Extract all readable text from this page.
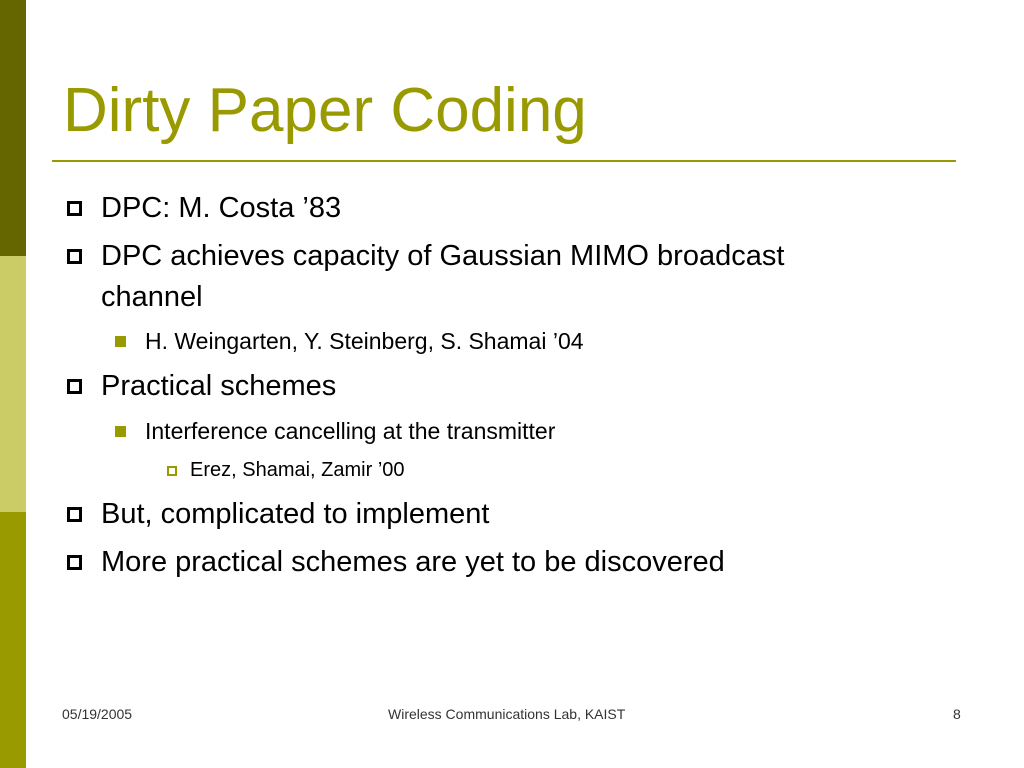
Dirty Paper Coding
DPC: M. Costa ’83
DPC achieves capacity of Gaussian MIMO broadcast
channel
H. Weingarten, Y. Steinberg, S. Shamai ’04
Practical schemes
Interference cancelling at the transmitter
Erez, Shamai, Zamir ’00
But, complicated to implement
More practical schemes are yet to be discovered
05/19/2005	Wireless Communications Lab, KAIST	8
